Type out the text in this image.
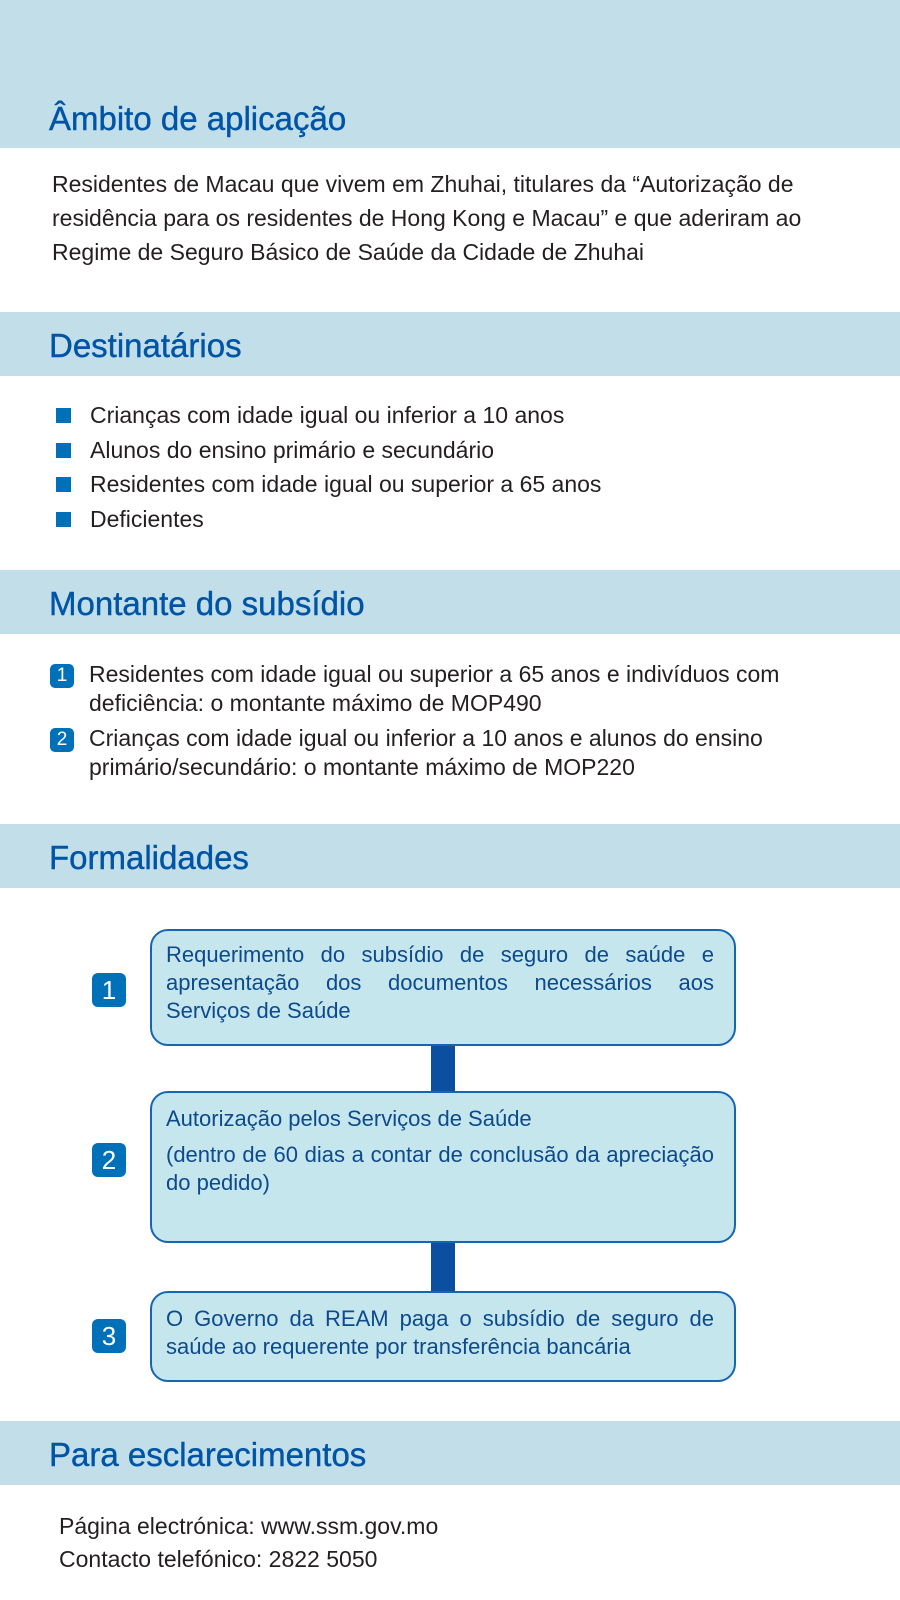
Âmbito de aplicação

Residentes de Macau que vivem em Zhuhai, titulares da “Autorização de residência para os residentes de Hong Kong e Macau” e que aderiram ao Regime de Seguro Básico de Saúde da Cidade de Zhuhai

Destinatários
Crianças com idade igual ou inferior a 10 anos
Alunos do ensino primário e secundário
Residentes com idade igual ou superior a 65 anos
Deficientes
Montante do subsídio
1 Residentes com idade igual ou superior a 65 anos e indivíduos com deficiência: o montante máximo de MOP490
2 Crianças com idade igual ou inferior a 10 anos e alunos do ensino primário/secundário: o montante máximo de MOP220
Formalidades
1
Requerimento do subsídio de seguro de saúde e apresentação dos documentos necessários aos Serviços de Saúde
2
Autorização pelos Serviços de Saúde
(dentro de 60 dias a contar de conclusão da apreciação do pedido)
3
O Governo da REAM paga o subsídio de seguro de saúde ao requerente por transferência bancária
Para esclarecimentos

Página electrónica: www.ssm.gov.mo

Contacto telefónico: 2822 5050
